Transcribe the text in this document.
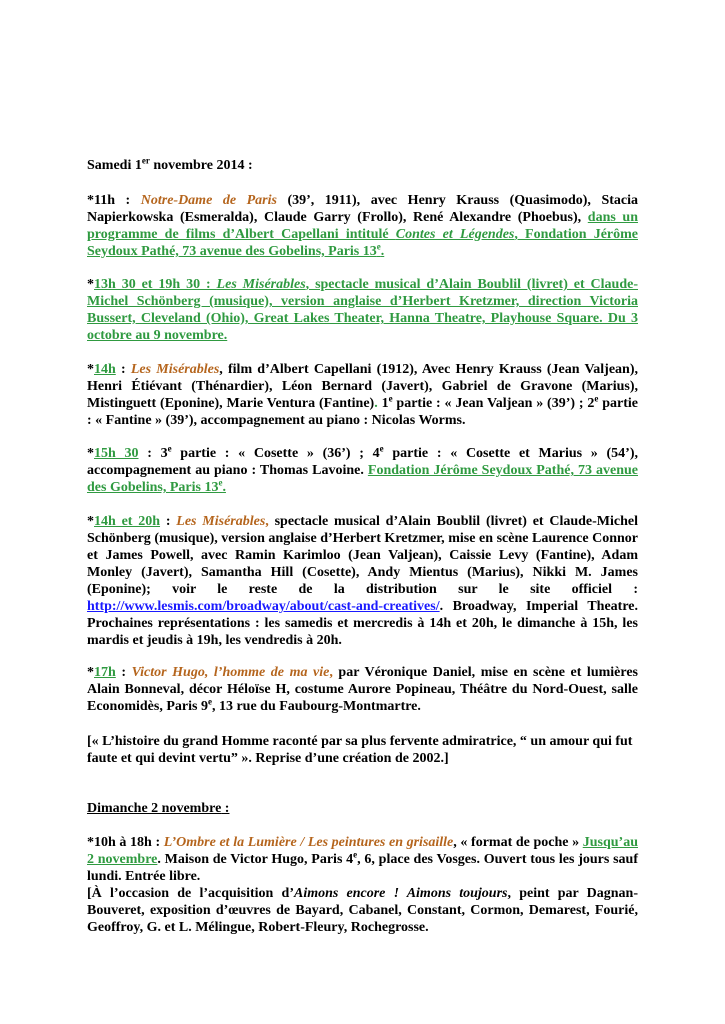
Samedi 1er novembre 2014 :

*11h : Notre-Dame de Paris (39’, 1911), avec Henry Krauss (Quasimodo), Stacia Napierkowska (Esmeralda), Claude Garry (Frollo), René Alexandre (Phoebus), dans un programme de films d’Albert Capellani intitulé Contes et Légendes, Fondation Jérôme Seydoux Pathé, 73 avenue des Gobelins, Paris 13e.

*13h 30 et 19h 30 : Les Misérables, spectacle musical d’Alain Boublil (livret) et Claude-Michel Schönberg (musique), version anglaise d’Herbert Kretzmer, direction Victoria Bussert, Cleveland (Ohio), Great Lakes Theater, Hanna Theatre, Playhouse Square. Du 3 octobre au 9 novembre.

*14h : Les Misérables, film d’Albert Capellani (1912), Avec Henry Krauss (Jean Valjean), Henri Étiévant (Thénardier), Léon Bernard (Javert), Gabriel de Gravone (Marius), Mistinguett (Eponine), Marie Ventura (Fantine). 1e partie : « Jean Valjean » (39’) ; 2e partie : « Fantine » (39’), accompagnement au piano : Nicolas Worms.

*15h 30 : 3e partie : « Cosette » (36’) ; 4e partie : « Cosette et Marius » (54’), accompagnement au piano : Thomas Lavoine. Fondation Jérôme Seydoux Pathé, 73 avenue des Gobelins, Paris 13e.

*14h et 20h : Les Misérables, spectacle musical d’Alain Boublil (livret) et Claude-Michel Schönberg (musique), version anglaise d’Herbert Kretzmer, mise en scène Laurence Connor et James Powell, avec Ramin Karimloo (Jean Valjean), Caissie Levy (Fantine), Adam Monley (Javert), Samantha Hill (Cosette), Andy Mientus (Marius), Nikki M. James (Eponine); voir le reste de la distribution sur le site officiel : http://www.lesmis.com/broadway/about/cast-and-creatives/. Broadway, Imperial Theatre. Prochaines représentations : les samedis et mercredis à 14h et 20h, le dimanche à 15h, les mardis et jeudis à 19h, les vendredis à 20h.

*17h : Victor Hugo, l’homme de ma vie, par Véronique Daniel, mise en scène et lumières Alain Bonneval, décor Héloïse H, costume Aurore Popineau, Théâtre du Nord-Ouest, salle Economidès, Paris 9e, 13 rue du Faubourg-Montmartre.

[« L’histoire du grand Homme raconté par sa plus fervente admiratrice, “ un amour qui fut faute et qui devint vertu” ». Reprise d’une création de 2002.]

Dimanche 2 novembre :

*10h à 18h : L’Ombre et la Lumière / Les peintures en grisaille, « format de poche » Jusqu’au 2 novembre. Maison de Victor Hugo, Paris 4e, 6, place des Vosges. Ouvert tous les jours sauf lundi. Entrée libre.
[À l’occasion de l’acquisition d’Aimons encore ! Aimons toujours, peint par Dagnan-Bouveret, exposition d’œuvres de Bayard, Cabanel, Constant, Cormon, Demarest, Fourié, Geoffroy, G. et L. Mélingue, Robert-Fleury, Rochegrosse.
